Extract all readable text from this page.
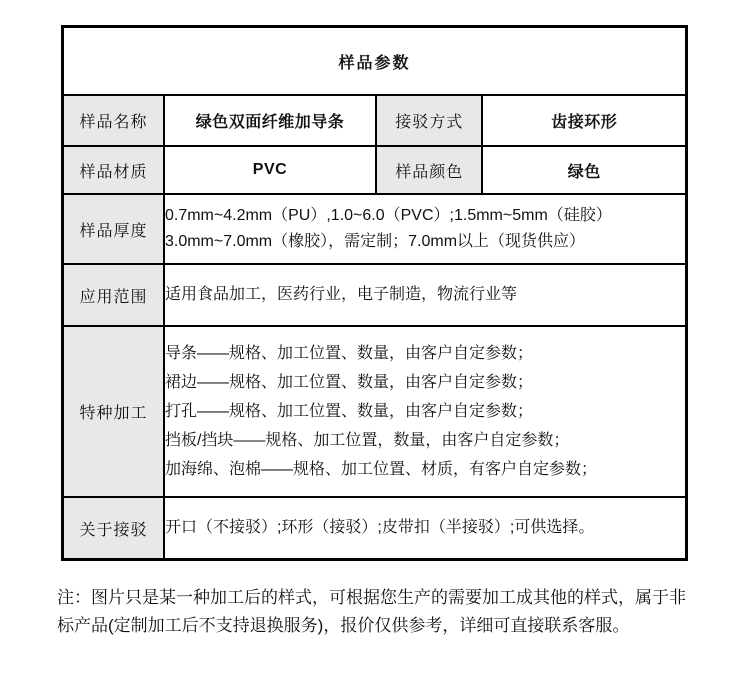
样品参数			
样品名称	绿色双面纤维加导条	接驳方式	齿接环形
样品材质	PVC	样品颜色	绿色
样品厚度	0.7mm~4.2mm（PU）,1.0~6.0（PVC）;1.5mm~5mm（硅胶）
3.0mm~7.0mm（橡胶），需定制；7.0mm以上（现货供应）		

应用范围	适用食品加工，医药行业，电子制造，物流行业等		
特种加工	导条——规格、加工位置、数量，由客户自定参数；
裙边——规格、加工位置、数量，由客户自定参数；
打孔——规格、加工位置、数量，由客户自定参数；
挡板/挡块——规格、加工位置，数量，由客户自定参数；
加海绵、泡棉——规格、加工位置、材质，有客户自定参数；		

关于接驳	开口（不接驳）;环形（接驳）;皮带扣（半接驳）;可供选择。		
注：图片只是某一种加工后的样式，可根据您生产的需要加工成其他的样式，属于非标产品(定制加工后不支持退换服务)，报价仅供参考，详细可直接联系客服。
